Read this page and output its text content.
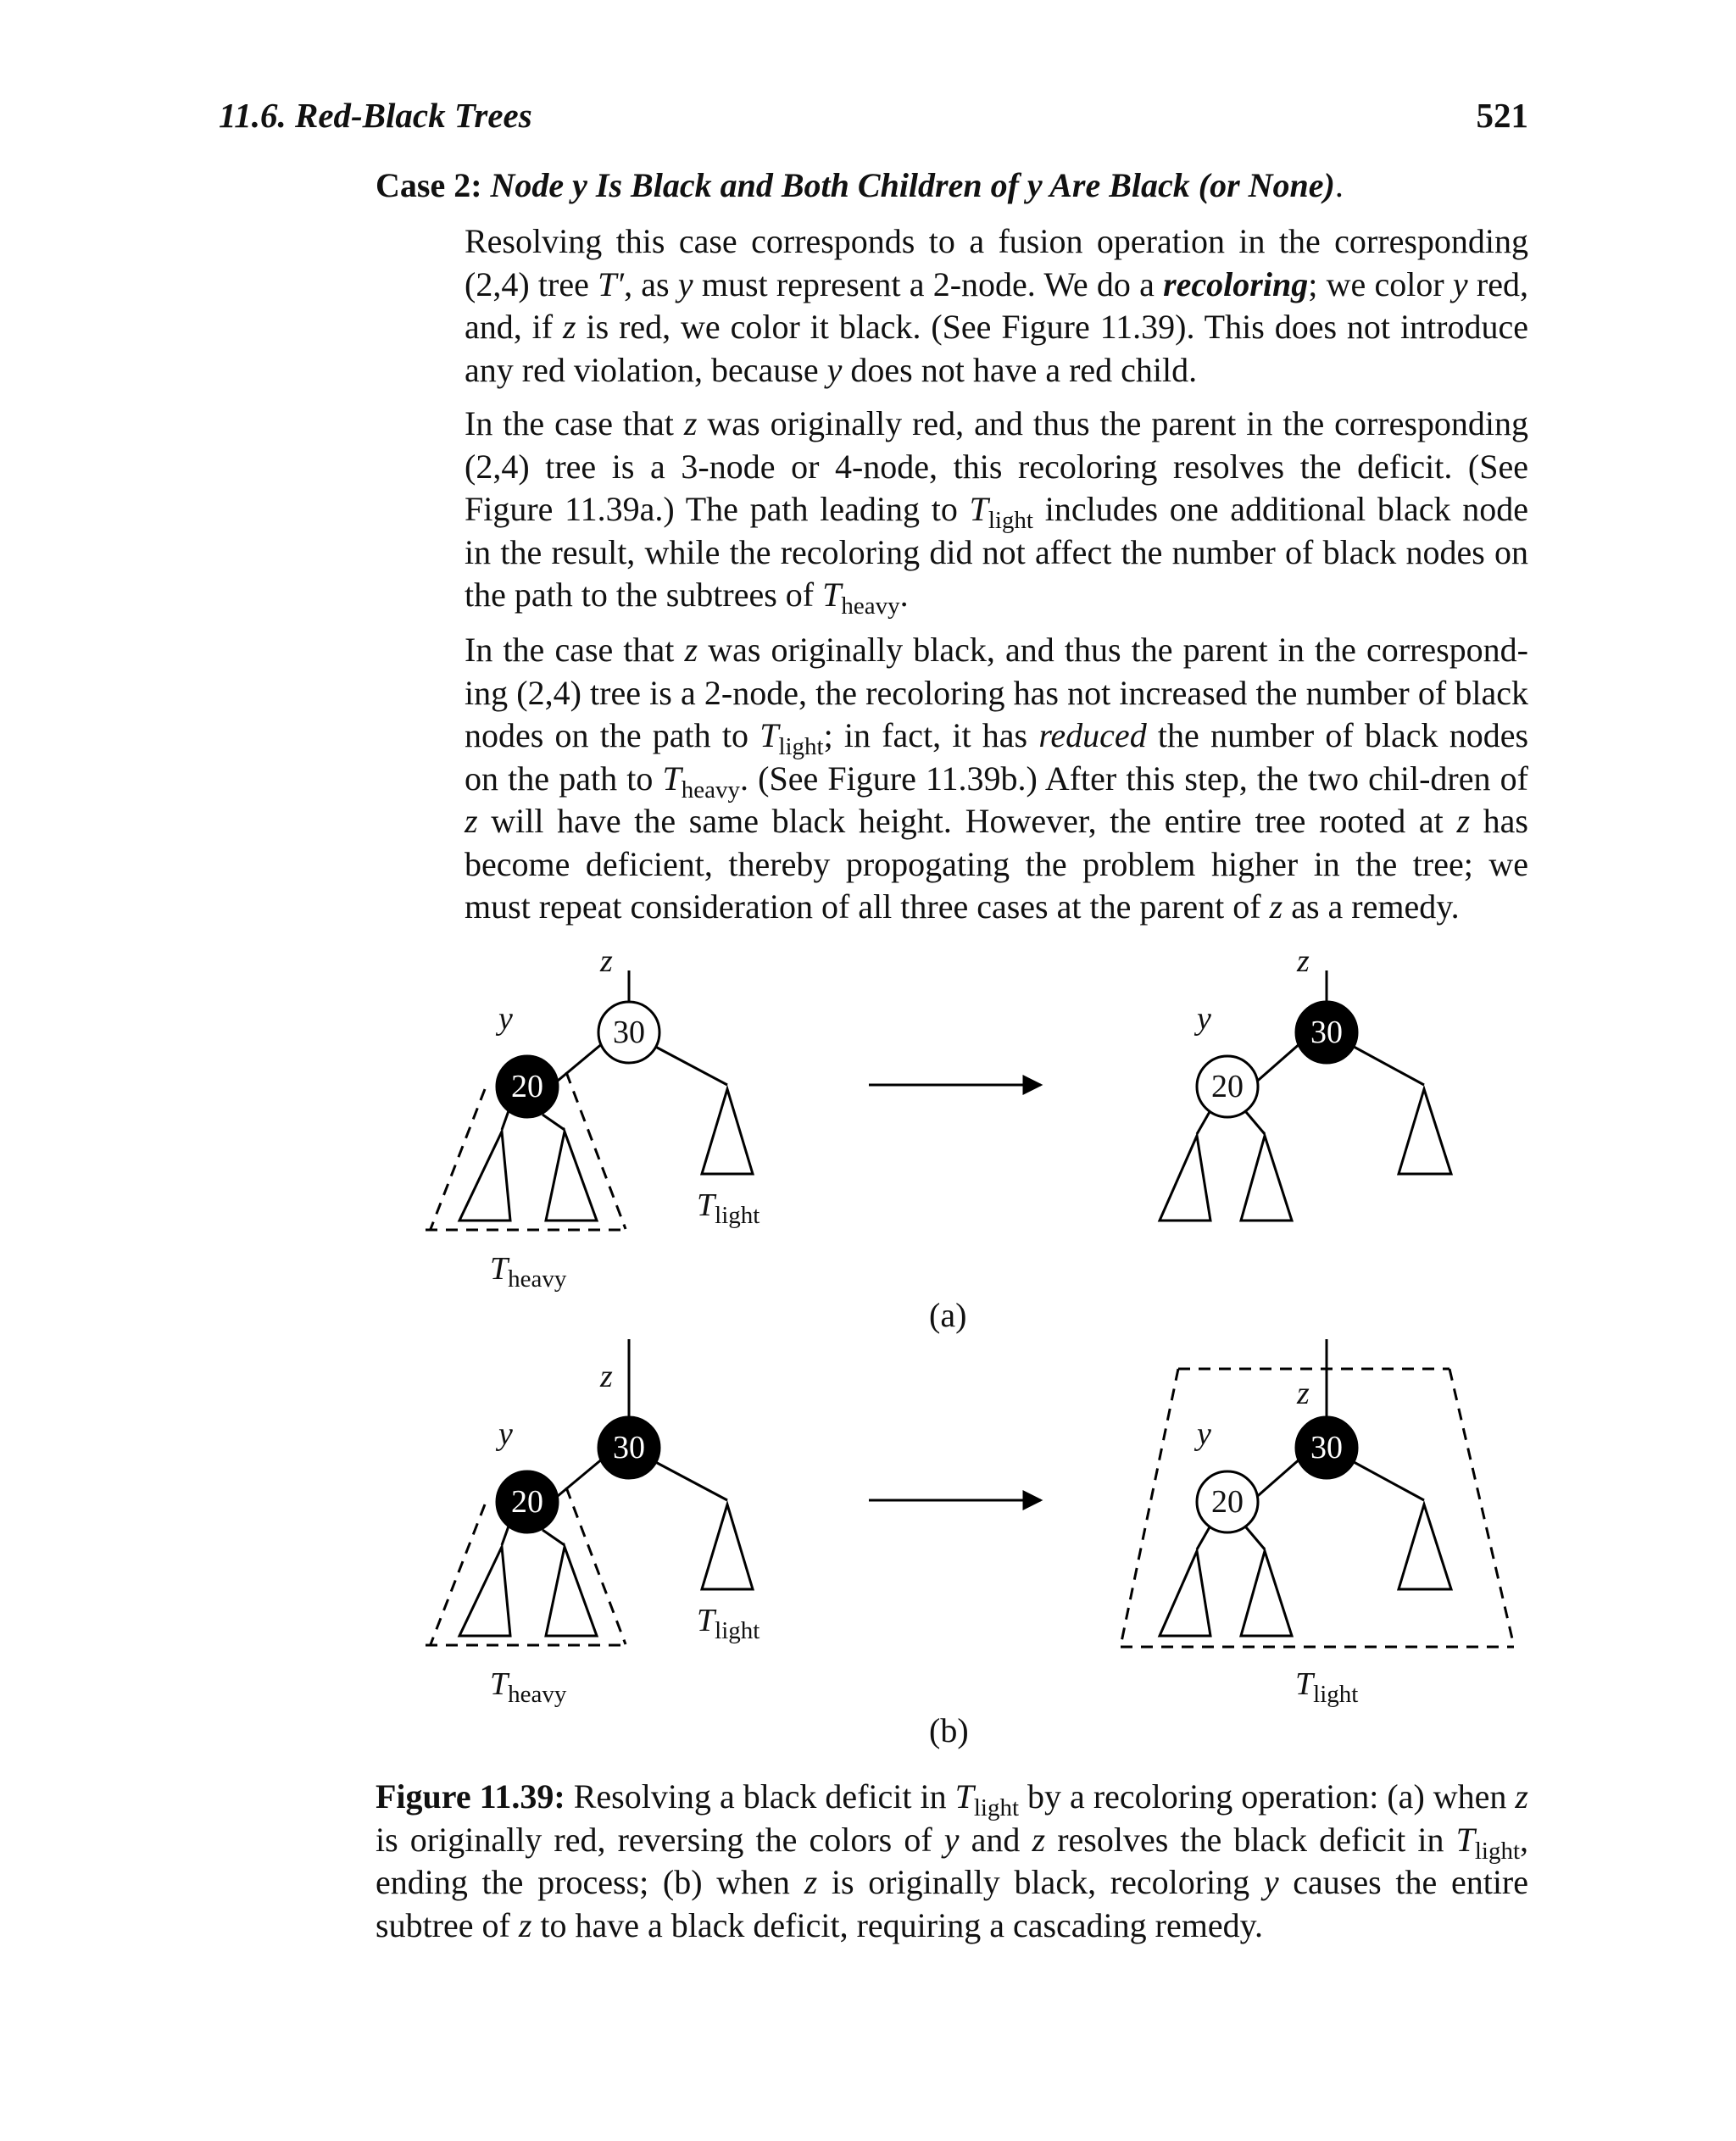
11.6. Red-Black Trees	521
Case 2: Node y Is Black and Both Children of y Are Black (or None).
Resolving this case corresponds to a fusion operation in the corresponding (2,4) tree T′, as y must represent a 2-node. We do a recoloring; we color y red, and, if z is red, we color it black. (See Figure 11.39). This does not introduce any red violation, because y does not have a red child.
In the case that z was originally red, and thus the parent in the corresponding (2,4) tree is a 3-node or 4-node, this recoloring resolves the deficit. (See Figure 11.39a.) The path leading to $T_{light}$ includes one additional black node in the result, while the recoloring did not affect the number of black nodes on the path to the subtrees of $T_{heavy}$.
In the case that z was originally black, and thus the parent in the correspond-ing (2,4) tree is a 2-node, the recoloring has not increased the number of black nodes on the path to $T_{light}$; in fact, it has reduced the number of black nodes on the path to $T_{heavy}$. (See Figure 11.39b.) After this step, the two chil-dren of z will have the same black height. However, the entire tree rooted at z has become deficient, thereby propogating the problem higher in the tree; we must repeat consideration of all three cases at the parent of z as a remedy.
z
y	30
20
$T_{light}$
$T_{heavy}$
z
y	30
20
(a)
z
y	30
20
$T_{light}$
$T_{heavy}$
z
y	30
20
$T_{light}$
(b)
Figure 11.39: Resolving a black deficit in $T_{light}$ by a recoloring operation: (a) when z is originally red, reversing the colors of y and z resolves the black deficit in $T_{light}$, ending the process; (b) when z is originally black, recoloring y causes the entire subtree of z to have a black deficit, requiring a cascading remedy.
